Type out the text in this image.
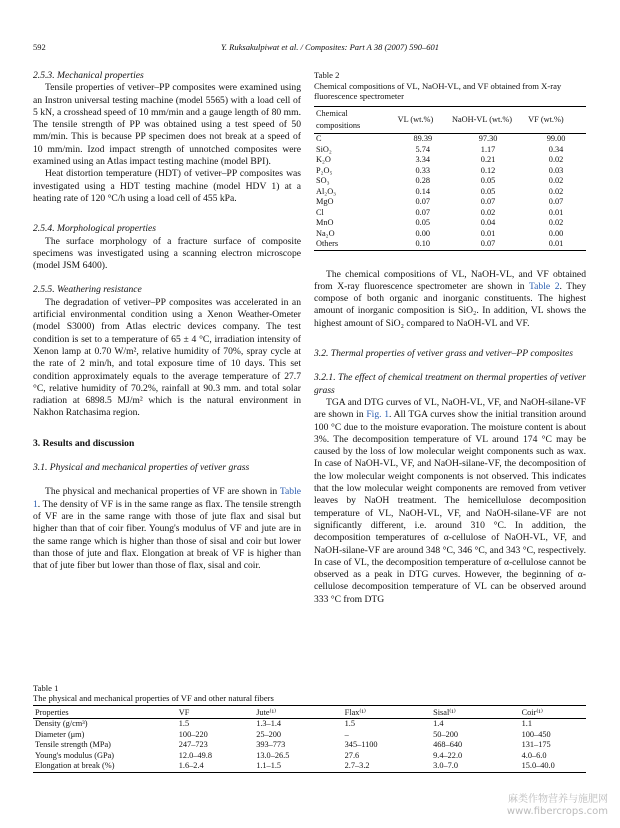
592	Y. Ruksakulpiwat et al. / Composites: Part A 38 (2007) 590–601
2.5.3. Mechanical properties

Tensile properties of vetiver–PP composites were examined using an Instron universal testing machine (model 5565) with a load cell of 5 kN, a crosshead speed of 10 mm/min and a gauge length of 80 mm. The tensile strength of PP was obtained using a test speed of 50 mm/min. This is because PP specimen does not break at a speed of 10 mm/min. Izod impact strength of unnotched composites were examined using an Atlas impact testing machine (model BPI).

Heat distortion temperature (HDT) of vetiver–PP composites was investigated using a HDT testing machine (model HDV 1) at a heating rate of 120 °C/h using a load cell of 455 kPa.

2.5.4. Morphological properties

The surface morphology of a fracture surface of composite specimens was investigated using a scanning electron microscope (model JSM 6400).

2.5.5. Weathering resistance

The degradation of vetiver–PP composites was accelerated in an artificial environmental condition using a Xenon Weather-Ometer (model S3000) from Atlas electric devices company. The test condition is set to a temperature of 65 ± 4 °C, irradiation intensity of Xenon lamp at 0.70 W/m², relative humidity of 70%, spray cycle at the rate of 2 min/h, and total exposure time of 10 days. This set condition approximately equals to the average temperature of 27.7 °C, relative humidity of 70.2%, rainfall at 90.3 mm. and total solar radiation at 6898.5 MJ/m² which is the natural environment in Nakhon Ratchasima region.

3. Results and discussion
3.1. Physical and mechanical properties of vetiver grass

The physical and mechanical properties of VF are shown in Table 1. The density of VF is in the same range as flax. The tensile strength of VF are in the same range with those of jute flax and sisal but higher than that of coir fiber. Young's modulus of VF and jute are in the same range which is higher than those of sisal and coir but lower than those of jute and flax. Elongation at break of VF is higher than that of jute fiber but lower than those of flax, sisal and coir.

Table 2
Chemical compositions of VL, NaOH-VL, and VF obtained from X-ray fluorescence spectrometer
Chemical compositions	VL (wt.%)	NaOH-VL (wt.%)	VF (wt.%)
C	89.39	97.30	99.00
SiO₂	5.74	1.17	0.34
K₂O	3.34	0.21	0.02
P₂O₅	0.33	0.12	0.03
SO₃	0.28	0.05	0.02
Al₂O₃	0.14	0.05	0.02
MgO	0.07	0.07	0.07
Cl	0.07	0.02	0.01
MnO	0.05	0.04	0.02
Na₂O	0.00	0.01	0.00
Others	0.10	0.07	0.01

The chemical compositions of VL, NaOH-VL, and VF obtained from X-ray fluorescence spectrometer are shown in Table 2. They compose of both organic and inorganic constituents. The highest amount of inorganic composition is SiO₂. In addition, VL shows the highest amount of SiO₂ compared to NaOH-VL and VF.

3.2. Thermal properties of vetiver grass and vetiver–PP composites
3.2.1. The effect of chemical treatment on thermal properties of vetiver grass

TGA and DTG curves of VL, NaOH-VL, VF, and NaOH-silane-VF are shown in Fig. 1. All TGA curves show the initial transition around 100 °C due to the moisture evaporation. The moisture content is about 3%. The decomposition temperature of VL around 174 °C may be caused by the loss of low molecular weight components such as wax. In case of NaOH-VL, VF, and NaOH-silane-VF, the decomposition of the low molecular weight components is not observed. This indicates that the low molecular weight components are removed from vetiver leaves by NaOH treatment. The hemicellulose decomposition temperature of VL, NaOH-VL, VF, and NaOH-silane-VF are not significantly different, i.e. around 310 °C. In addition, the decomposition temperatures of α-cellulose of NaOH-VL, VF, and NaOH-silane-VF are around 348 °C, 346 °C, and 343 °C, respectively. In case of VL, the decomposition temperature of α-cellulose cannot be observed as a peak in DTG curves. However, the beginning of α-cellulose decomposition temperature of VL can be observed around 333 °C from DTG

Table 1
The physical and mechanical properties of VF and other natural fibers
Properties	VF	Jute⁽¹⁾	Flax⁽¹⁾	Sisal⁽¹⁾	Coir⁽¹⁾
Density (g/cm³)	1.5	1.3–1.4	1.5	1.4	1.1
Diameter (μm)	100–220	25–200	–	50–200	100–450
Tensile strength (MPa)	247–723	393–773	345–1100	468–640	131–175
Young's modulus (GPa)	12.0–49.8	13.0–26.5	27.6	9.4–22.0	4.0–6.0
Elongation at break (%)	1.6–2.4	1.1–1.5	2.7–3.2	3.0–7.0	15.0–40.0
麻类作物营养与施肥网
www.fibercrops.com
